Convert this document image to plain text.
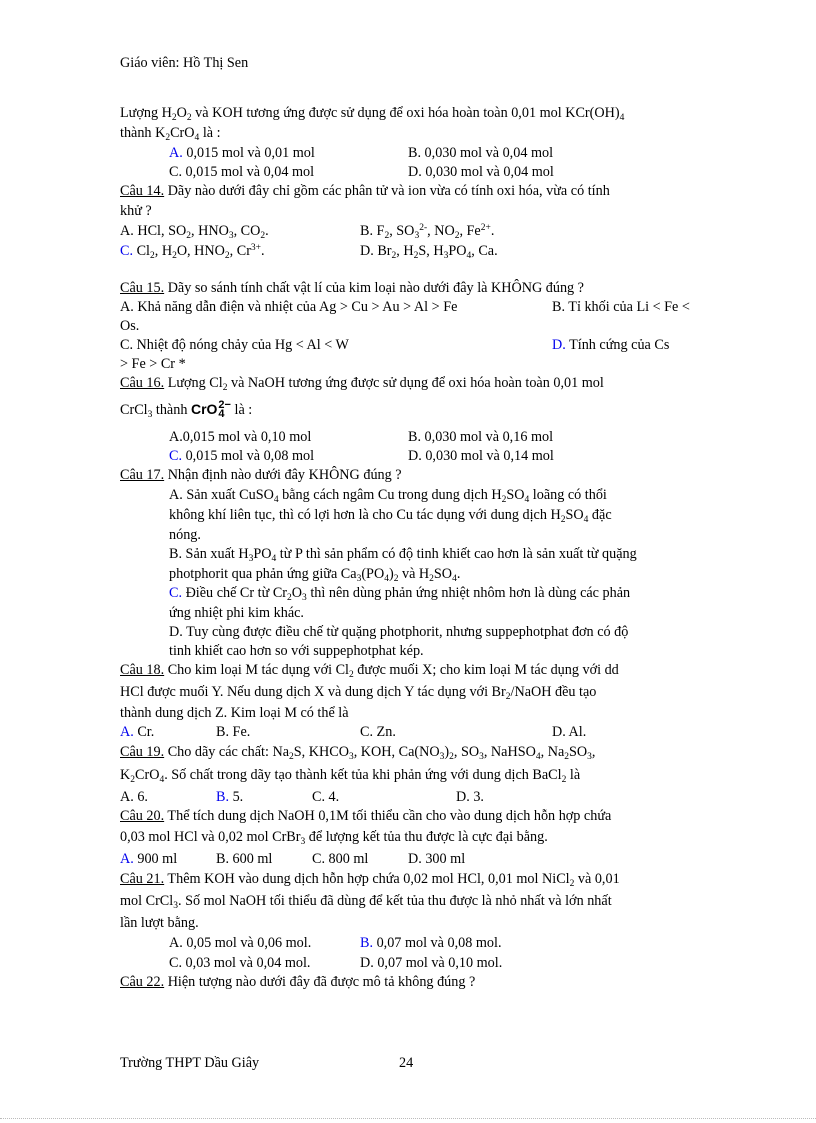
Giáo viên: Hồ Thị Sen
Lượng $H_2O_2$ và KOH tương ứng được sử dụng để oxi hóa hoàn toàn 0,01 mol $KCr(OH)_4$
thành $K_2CrO_4$ là :
A. 0,015 mol và 0,01 mol	B. 0,030 mol và 0,04 mol
C. 0,015 mol và 0,04 mol	D. 0,030 mol và 0,04 mol
Câu 14. Dãy nào dưới đây chỉ gồm các phân tử và ion vừa có tính oxi hóa, vừa có tính
khử ?
A. HCl, $SO_2$, $HNO_3$, $CO_2$.	B. $F_2$, $SO_3^{2-}$, $NO_2$, $Fe^{2+}$.
C. $Cl_2$, $H_2O$, $HNO_2$, $Cr^{3+}$.	D. $Br_2$, $H_2S$, $H_3PO_4$, Ca.
Câu 15. Dãy so sánh tính chất vật lí của kim loại nào dưới đây là KHÔNG đúng ?
A. Khả năng dẫn điện và nhiệt của Ag > Cu > Au > Al > Fe	B. Tỉ khối của Li < Fe <
Os.
C. Nhiệt độ nóng chảy của Hg < Al < W	D. Tính cứng của Cs
> Fe > Cr *
Câu 16. Lượng $Cl_2$ và NaOH tương ứng được sử dụng để oxi hóa hoàn toàn 0,01 mol
CrCl$_3$ thành CrO 2−
4 là :
A.0,015 mol và 0,10 mol	B. 0,030 mol và 0,16 mol
C. 0,015 mol và 0,08 mol	D. 0,030 mol và 0,14 mol
Câu 17. Nhận định nào dưới đây KHÔNG đúng ?
A. Sản xuất CuSO$_4$ bằng cách ngâm Cu trong dung dịch $H_2SO_4$ loãng có thổi
không khí liên tục, thì có lợi hơn là cho Cu tác dụng với dung dịch $H_2SO_4$ đặc
nóng.
B. Sản xuất $H_3PO_4$ từ P thì sản phẩm có độ tinh khiết cao hơn là sản xuất từ quặng
photphorit qua phản ứng giữa $Ca_3(PO_4)_2$ và $H_2SO_4$.
C. Điều chế Cr từ $Cr_2O_3$ thì nên dùng phản ứng nhiệt nhôm hơn là dùng các phản
ứng nhiệt phi kim khác.
D. Tuy cùng được điều chế từ quặng photphorit, nhưng suppephotphat đơn có độ
tinh khiết cao hơn so với suppephotphat kép.
Câu 18. Cho kim loại M tác dụng với $Cl_2$ được muối X; cho kim loại M tác dụng với dd
HCl được muối Y. Nếu dung dịch X và dung dịch Y tác dụng với $Br_2$/NaOH đều tạo
thành dung dịch Z. Kim loại M có thể là
A. Cr.	B. Fe.	C. Zn.	D. Al.
Câu 19. Cho dãy các chất: $Na_2S$, $KHCO_3$, KOH, $Ca(NO_3)_2$, $SO_3$, NaHSO$_4$, $Na_2SO_3$,
$K_2CrO_4$. Số chất trong dãy tạo thành kết tủa khi phản ứng với dung dịch BaCl$_2$ là
A. 6.	B. 5.	C. 4.	D. 3.
Câu 20. Thể tích dung dịch NaOH 0,1M tối thiểu cần cho vào dung dịch hỗn hợp chứa
0,03 mol HCl và 0,02 mol CrBr$_3$ để lượng kết tủa thu được là cực đại bằng.
A. 900 ml	B. 600 ml	C. 800 ml	D. 300 ml
Câu 21. Thêm KOH vào dung dịch hỗn hợp chứa 0,02 mol HCl, 0,01 mol NiCl$_2$ và 0,01
mol CrCl$_3$. Số mol NaOH tối thiểu đã dùng để kết tủa thu được là nhỏ nhất và lớn nhất
lần lượt bằng.
A. 0,05 mol và 0,06 mol.	B. 0,07 mol và 0,08 mol.
C. 0,03 mol và 0,04 mol.	D. 0,07 mol và 0,10 mol.
Câu 22. Hiện tượng nào dưới đây đã được mô tả không đúng ?
Trường THPT Dầu Giây	24
